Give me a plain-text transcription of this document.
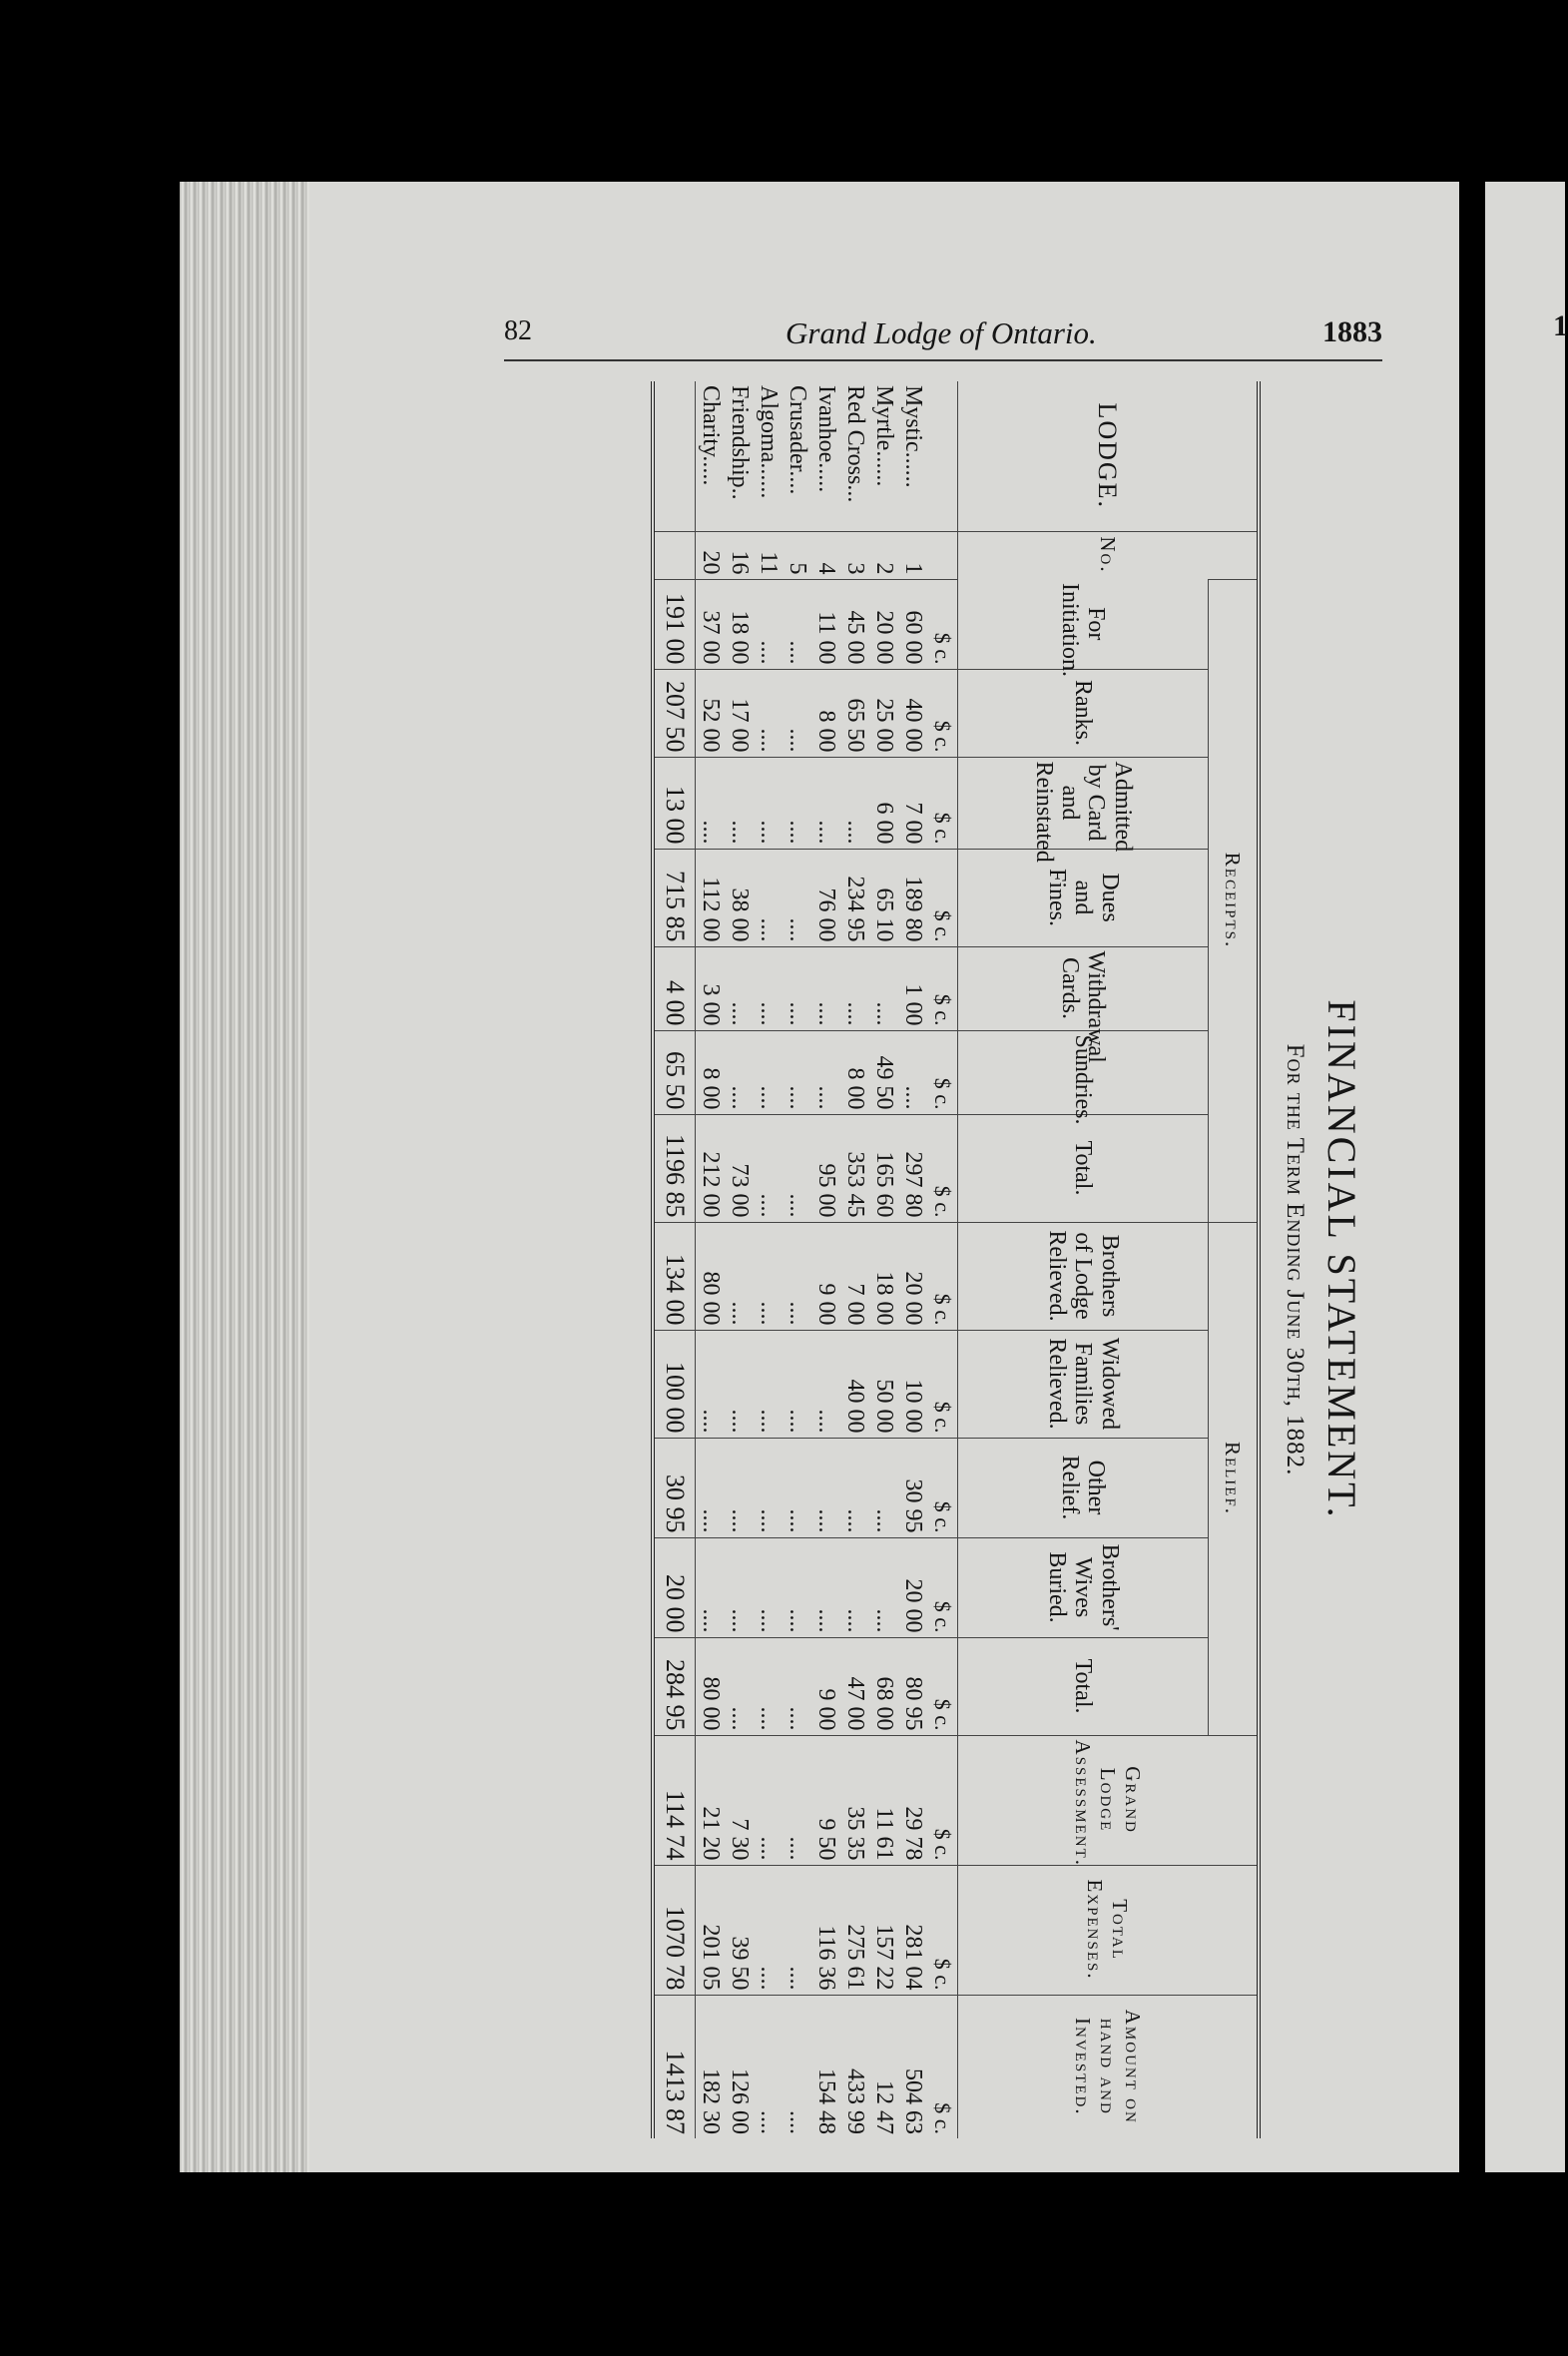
1
82	Grand Lodge of Ontario.	1883
FINANCIAL STATEMENT.

For the Term Ending June 30th, 1882.

LODGE.	No.	Receipts.							Relief.					Grand Lodge Assessment.	Total Expenses.	Amount on hand and Invested.
		For Initiation.	Ranks.	Admitted by Card and Reinstated	Dues and Fines.	Withdrawal Cards.	Sundries.	Total.	Brothers of Lodge Relieved.	Widowed Families Relieved.	Other Relief.	Brothers' Wives Buried.	Total.			
		$ c.	$ c.	$ c.	$ c.	$ c.	$ c.	$ c.	$ c.	$ c.	$ c.	$ c.	$ c.	$ c.	$ c.	$ c.
Mystic......	1	60 00	40 00	7 00	189 80	1 00	....	297 80	20 00	10 00	30 95	20 00	80 95	29 78	281 04	504 63
Myrtle......	2	20 00	25 00	6 00	65 10	....	49 50	165 60	18 00	50 00	....	....	68 00	11 61	157 22	12 47
Red Cross...	3	45 00	65 50	....	234 95	....	8 00	353 45	7 00	40 00	....	....	47 00	35 35	275 61	433 99
Ivanhoe.....	4	11 00	8 00	....	76 00	....	....	95 00	9 00	....	....	....	9 00	9 50	116 36	154 48
Crusader....	5	....	....	....	....	....	....	....	....	....	....	....	....	....	....	....
Algoma......	11	....	....	....	....	....	....	....	....	....	....	....	....	....	....	....
Friendship..	16	18 00	17 00	....	38 00	....	....	73 00	....	....	....	....	....	7 30	39 50	126 00
Charity.....	20	37 00	52 00	....	112 00	3 00	8 00	212 00	80 00	....	....	....	80 00	21 20	201 05	182 30
		191 00	207 50	13 00	715 85	4 00	65 50	1196 85	134 00	100 00	30 95	20 00	284 95	114 74	1070 78	1413 87
